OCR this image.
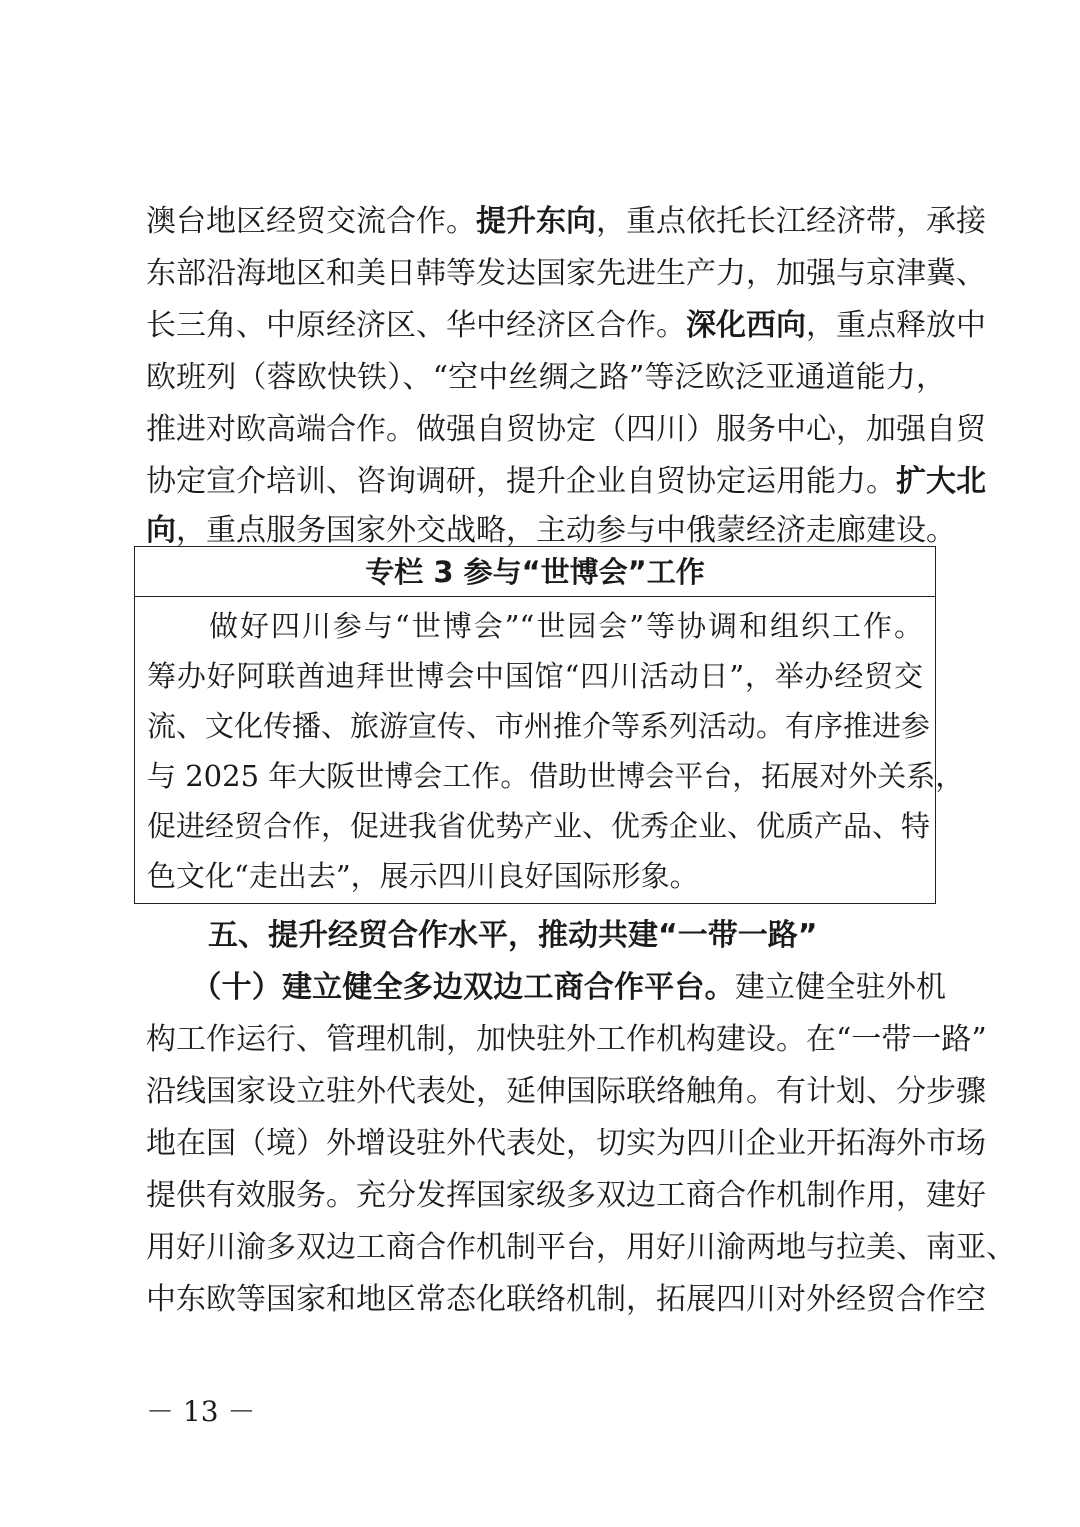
澳台地区经贸交流合作。提升东向，重点依托长江经济带，承接
东部沿海地区和美日韩等发达国家先进生产力，加强与京津冀、
长三角、中原经济区、华中经济区合作。深化西向，重点释放中
欧班列（蓉欧快铁）、“空中丝绸之路”等泛欧泛亚通道能力，
推进对欧高端合作。做强自贸协定（四川）服务中心，加强自贸
协定宣介培训、咨询调研，提升企业自贸协定运用能力。扩大北
向，重点服务国家外交战略，主动参与中俄蒙经济走廊建设。
专栏 3 参与“世博会”工作
　　做好四川参与“世博会”“世园会”等协调和组织工作。
筹办好阿联酋迪拜世博会中国馆“四川活动日”，举办经贸交
流、文化传播、旅游宣传、市州推介等系列活动。有序推进参
与 2025 年大阪世博会工作。借助世博会平台，拓展对外关系，
促进经贸合作，促进我省优势产业、优秀企业、优质产品、特
色文化“走出去”，展示四川良好国际形象。
五、提升经贸合作水平，推动共建“一带一路”
　　（十）建立健全多边双边工商合作平台。建立健全驻外机
构工作运行、管理机制，加快驻外工作机构建设。在“一带一路”
沿线国家设立驻外代表处，延伸国际联络触角。有计划、分步骤
地在国（境）外增设驻外代表处，切实为四川企业开拓海外市场
提供有效服务。充分发挥国家级多双边工商合作机制作用，建好
用好川渝多双边工商合作机制平台，用好川渝两地与拉美、南亚、
中东欧等国家和地区常态化联络机制，拓展四川对外经贸合作空
－ 13 －
